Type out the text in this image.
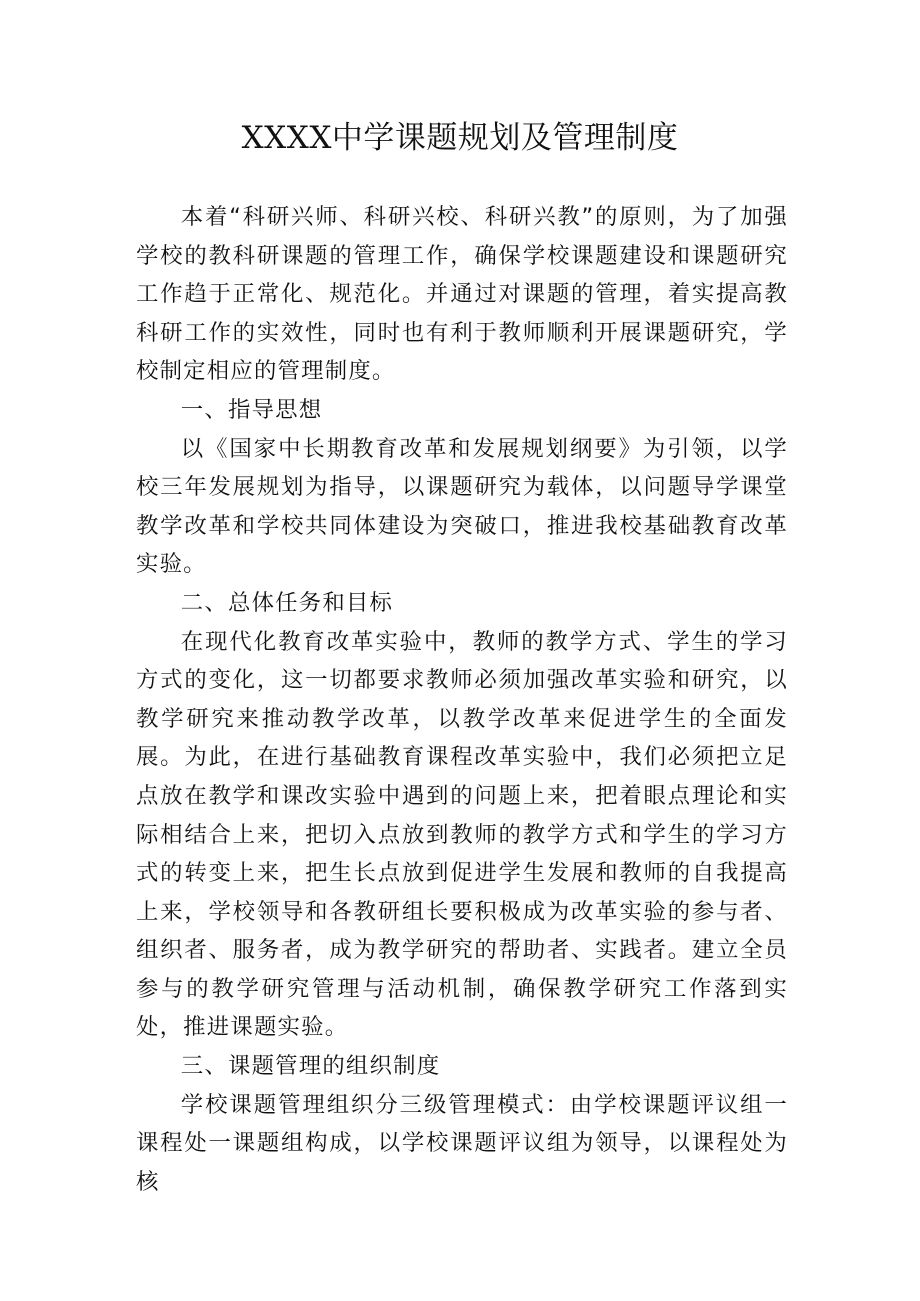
XXXX中学课题规划及管理制度

本着“科研兴师、科研兴校、科研兴教”的原则，为了加强学校的教科研课题的管理工作，确保学校课题建设和课题研究工作趋于正常化、规范化。并通过对课题的管理，着实提高教科研工作的实效性，同时也有利于教师顺利开展课题研究，学校制定相应的管理制度。

一、指导思想

以《国家中长期教育改革和发展规划纲要》为引领，以学校三年发展规划为指导，以课题研究为载体，以问题导学课堂教学改革和学校共同体建设为突破口，推进我校基础教育改革实验。

二、总体任务和目标

在现代化教育改革实验中，教师的教学方式、学生的学习方式的变化，这一切都要求教师必须加强改革实验和研究，以教学研究来推动教学改革，以教学改革来促进学生的全面发展。为此，在进行基础教育课程改革实验中，我们必须把立足点放在教学和课改实验中遇到的问题上来，把着眼点理论和实际相结合上来，把切入点放到教师的教学方式和学生的学习方式的转变上来，把生长点放到促进学生发展和教师的自我提高上来，学校领导和各教研组长要积极成为改革实验的参与者、组织者、服务者，成为教学研究的帮助者、实践者。建立全员参与的教学研究管理与活动机制，确保教学研究工作落到实处，推进课题实验。

三、课题管理的组织制度

学校课题管理组织分三级管理模式：由学校课题评议组一课程处一课题组构成，以学校课题评议组为领导，以课程处为核
